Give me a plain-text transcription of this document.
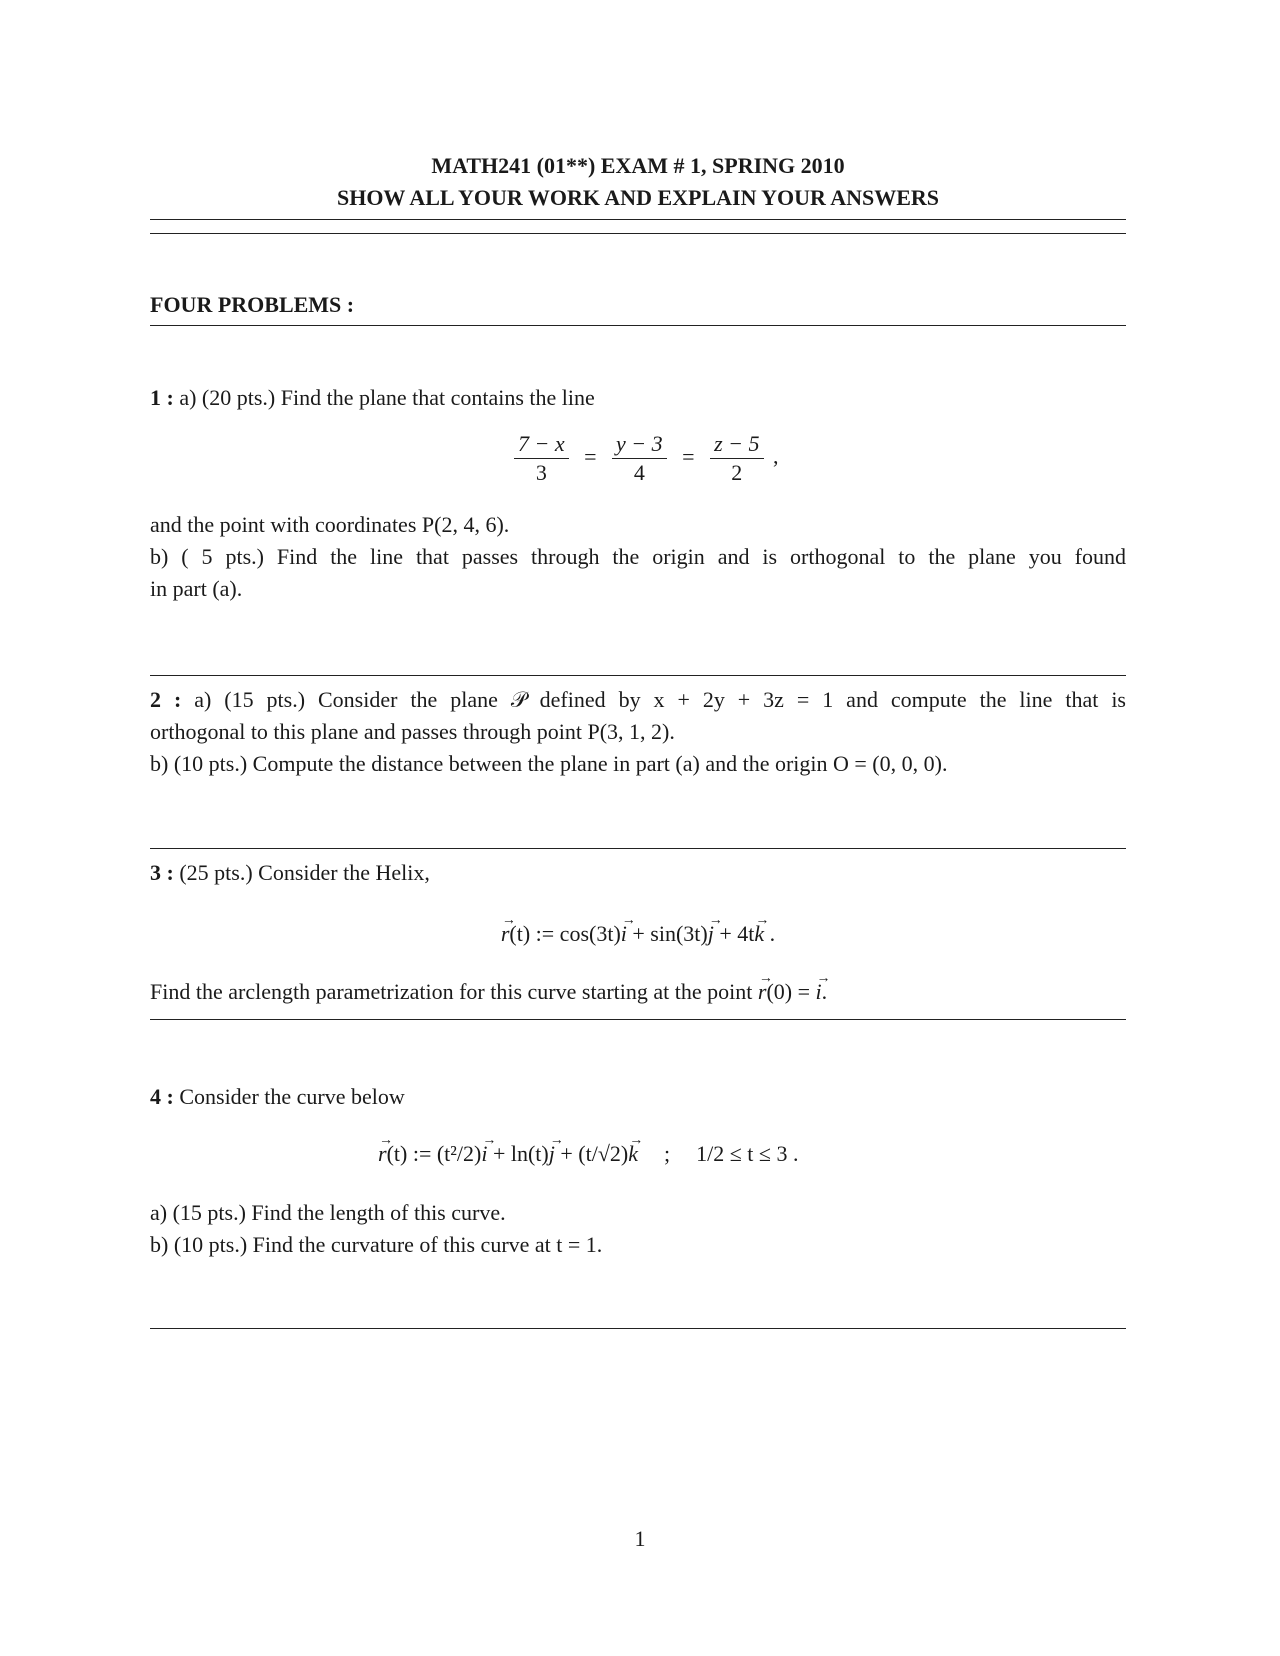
MATH241 (01**) EXAM # 1, SPRING 2010
SHOW ALL YOUR WORK AND EXPLAIN YOUR ANSWERS
FOUR PROBLEMS :
1 : a) (20 pts.) Find the plane that contains the line
$\frac{7 - x}{3} = \frac{y - 3}{4} = \frac{z - 5}{2}$ ,
and the point with coordinates P(2, 4, 6).
b) ( 5 pts.) Find the line that passes through the origin and is orthogonal to the plane you found
in part (a).
2 : a) (15 pts.) Consider the plane 𝒫 defined by x + 2y + 3z = 1 and compute the line that is
orthogonal to this plane and passes through point P(3, 1, 2).
b) (10 pts.) Compute the distance between the plane in part (a) and the origin O = (0, 0, 0).
3 : (25 pts.) Consider the Helix,
→ r(t) := cos(3t)→ i + sin(3t)→ j + 4t→ k .
Find the arclength parametrization for this curve starting at the point → r(0) = → i.
4 : Consider the curve below
→ r(t) := (t²/2)→ i + ln(t)→ j + (t/√2)→ k ; 1/2 ≤ t ≤ 3 .
a) (15 pts.) Find the length of this curve.
b) (10 pts.) Find the curvature of this curve at t = 1.
1
